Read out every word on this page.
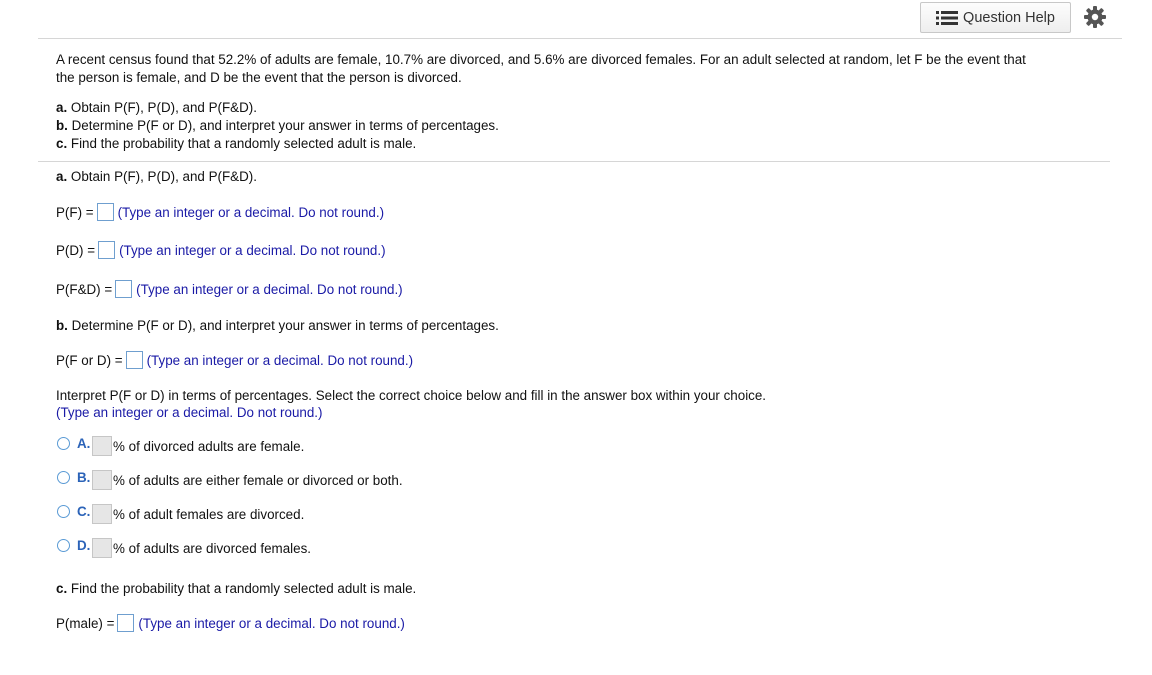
Question Help
A recent census found that 52.2% of adults are female, 10.7% are divorced, and 5.6% are divorced females. For an adult selected at random, let F be the event that
the person is female, and D be the event that the person is divorced.
a. Obtain P(F), P(D), and P(F&D).
b. Determine P(F or D), and interpret your answer in terms of percentages.
c. Find the probability that a randomly selected adult is male.
a. Obtain P(F), P(D), and P(F&D).
P(F) = (Type an integer or a decimal. Do not round.)
P(D) = (Type an integer or a decimal. Do not round.)
P(F&D) = (Type an integer or a decimal. Do not round.)
b. Determine P(F or D), and interpret your answer in terms of percentages.
P(F or D) = (Type an integer or a decimal. Do not round.)
Interpret P(F or D) in terms of percentages. Select the correct choice below and fill in the answer box within your choice.
(Type an integer or a decimal. Do not round.)
A.	% of divorced adults are female.
B.	% of adults are either female or divorced or both.
C.	% of adult females are divorced.
D.	% of adults are divorced females.
c. Find the probability that a randomly selected adult is male.
P(male) = (Type an integer or a decimal. Do not round.)
